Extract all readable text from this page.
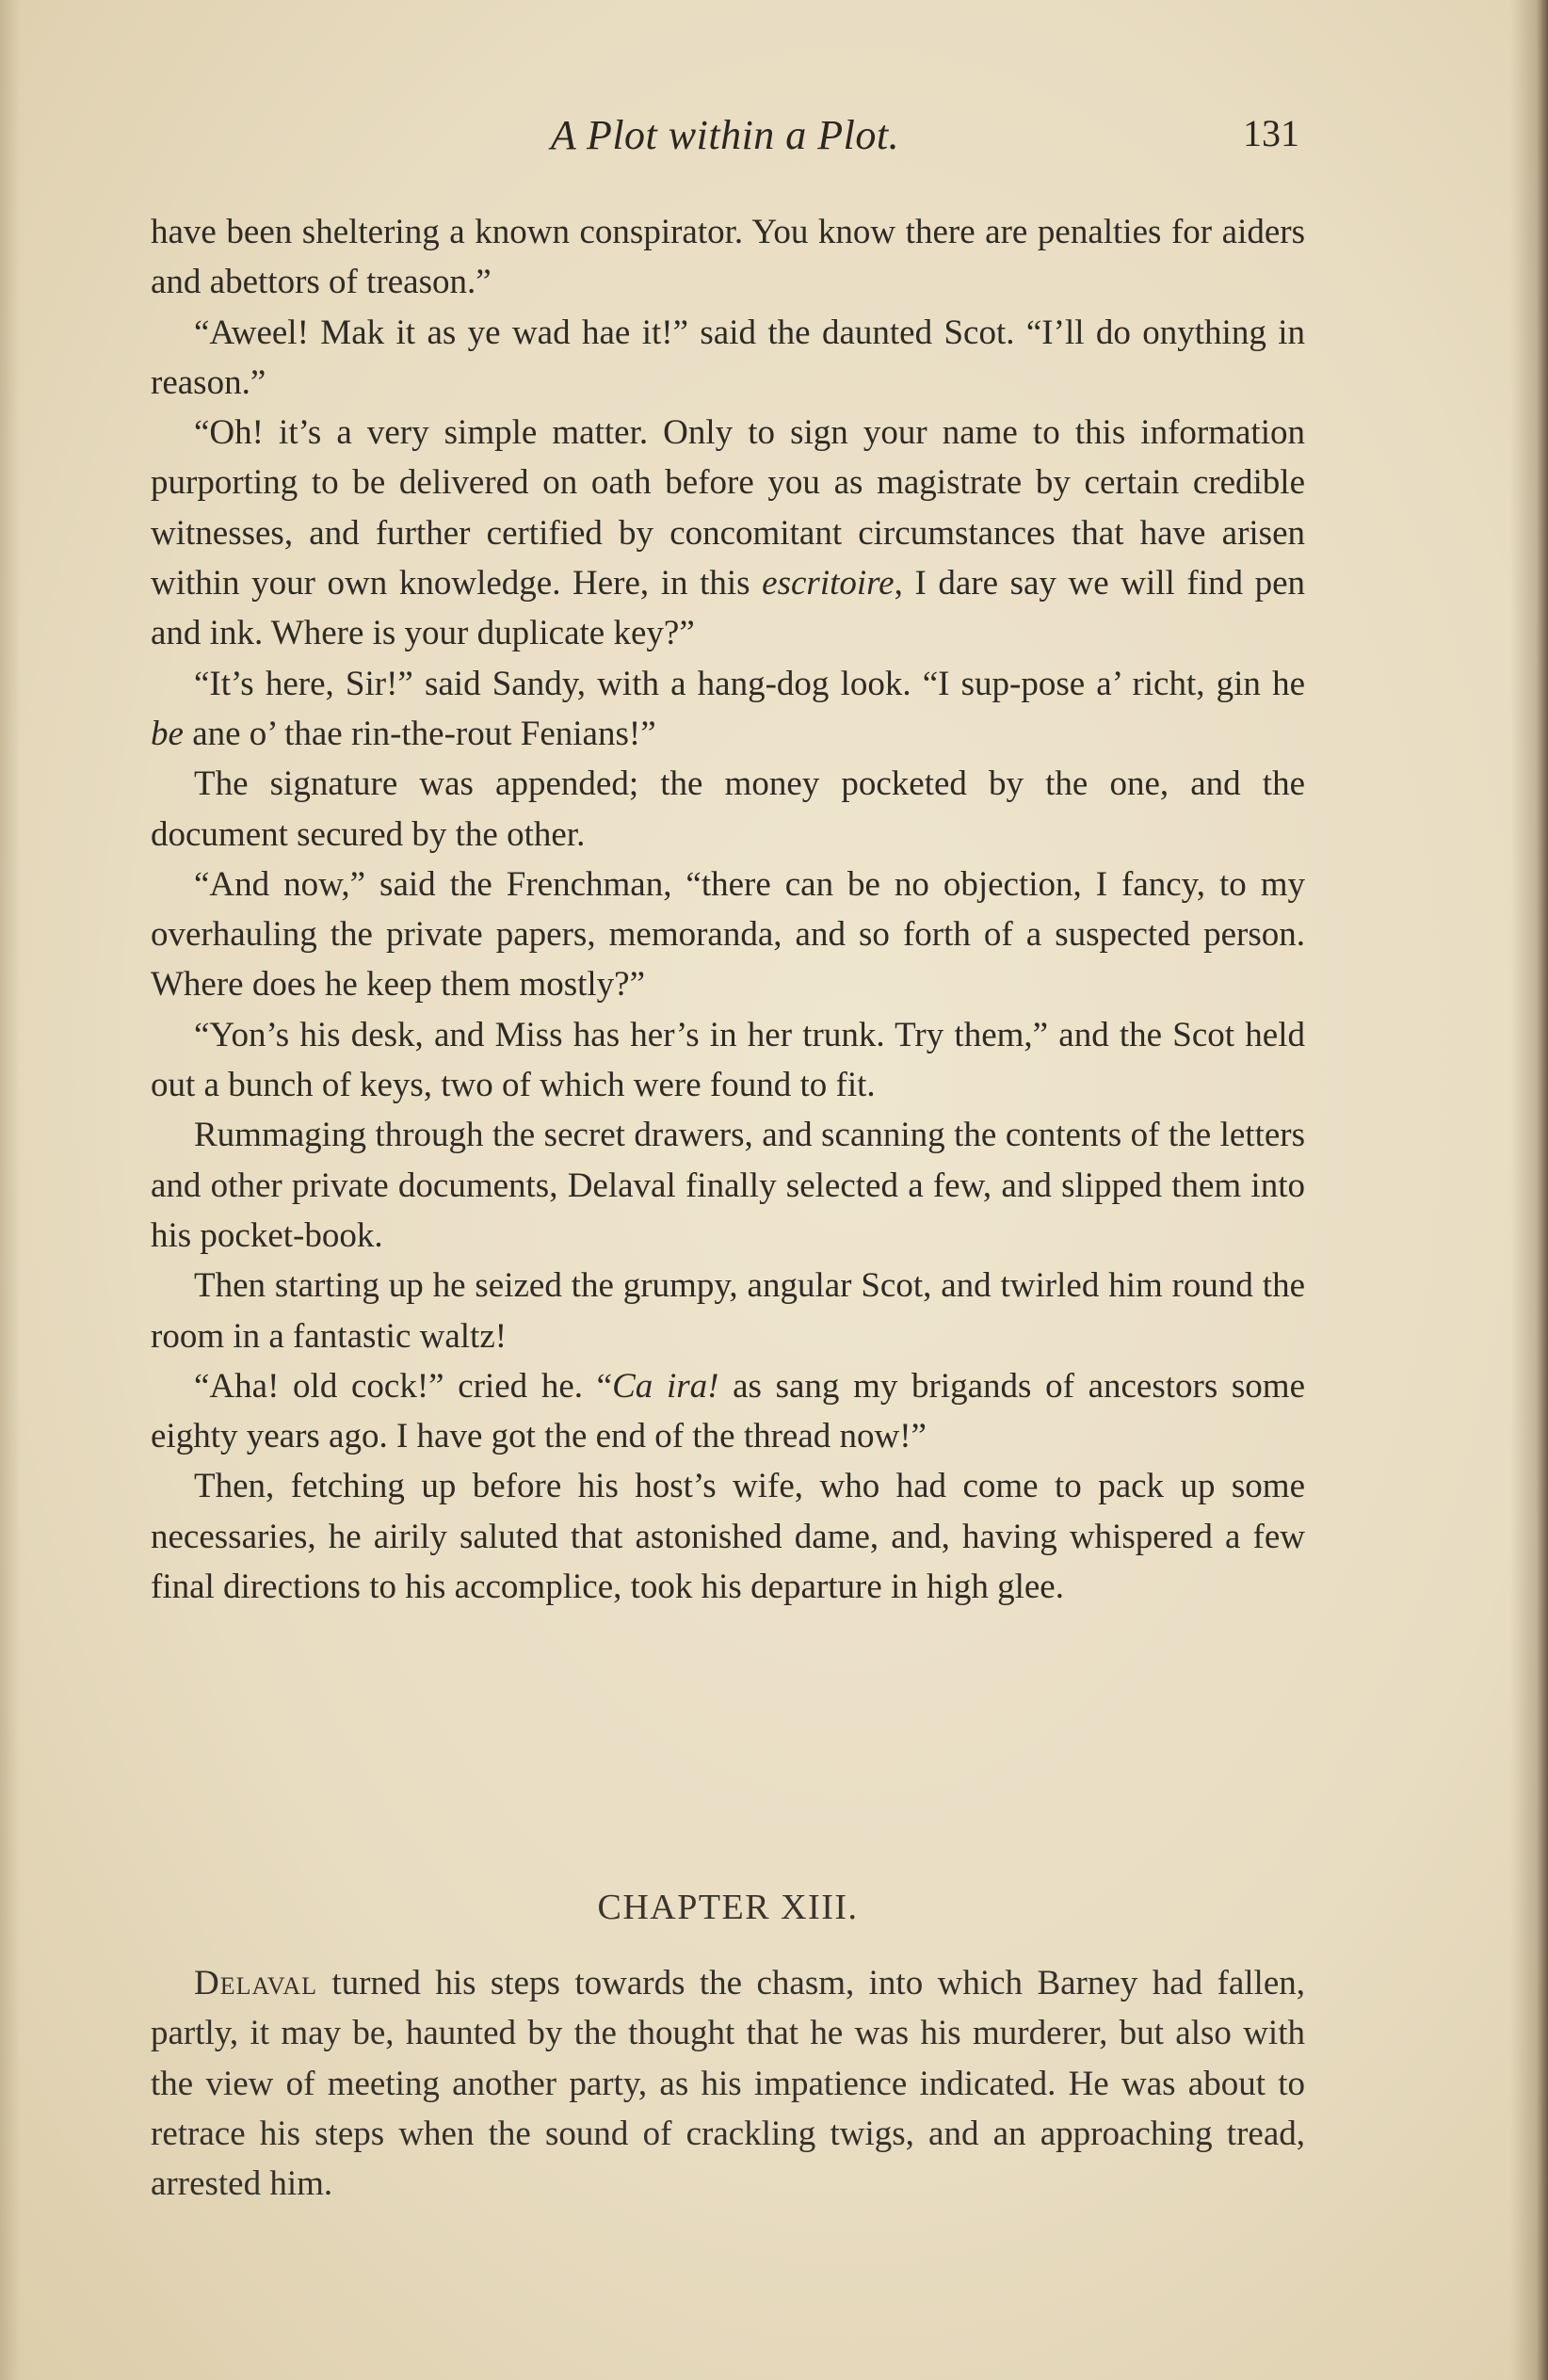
A Plot within a Plot.	131

have been sheltering a known conspirator. You know there are penalties for aiders and abettors of treason.”

“Aweel! Mak it as ye wad hae it!” said the daunted Scot. “I’ll do onything in reason.”

“Oh! it’s a very simple matter. Only to sign your name to this information purporting to be delivered on oath before you as magistrate by certain credible witnesses, and further certified by concomitant circumstances that have arisen within your own knowledge. Here, in this escritoire, I dare say we will find pen and ink. Where is your duplicate key?”

“It’s here, Sir!” said Sandy, with a hang-dog look. “I sup-pose a’ richt, gin he be ane o’ thae rin-the-rout Fenians!”

The signature was appended; the money pocketed by the one, and the document secured by the other.

“And now,” said the Frenchman, “there can be no objection, I fancy, to my overhauling the private papers, memoranda, and so forth of a suspected person. Where does he keep them mostly?”

“Yon’s his desk, and Miss has her’s in her trunk. Try them,” and the Scot held out a bunch of keys, two of which were found to fit.

Rummaging through the secret drawers, and scanning the contents of the letters and other private documents, Delaval finally selected a few, and slipped them into his pocket-book.

Then starting up he seized the grumpy, angular Scot, and twirled him round the room in a fantastic waltz!

“Aha! old cock!” cried he. “Ca ira! as sang my brigands of ancestors some eighty years ago. I have got the end of the thread now!”

Then, fetching up before his host’s wife, who had come to pack up some necessaries, he airily saluted that astonished dame, and, having whispered a few final directions to his accomplice, took his departure in high glee.

CHAPTER XIII.

Delaval turned his steps towards the chasm, into which Barney had fallen, partly, it may be, haunted by the thought that he was his murderer, but also with the view of meeting another party, as his impatience indicated. He was about to retrace his steps when the sound of crackling twigs, and an approaching tread, arrested him.
